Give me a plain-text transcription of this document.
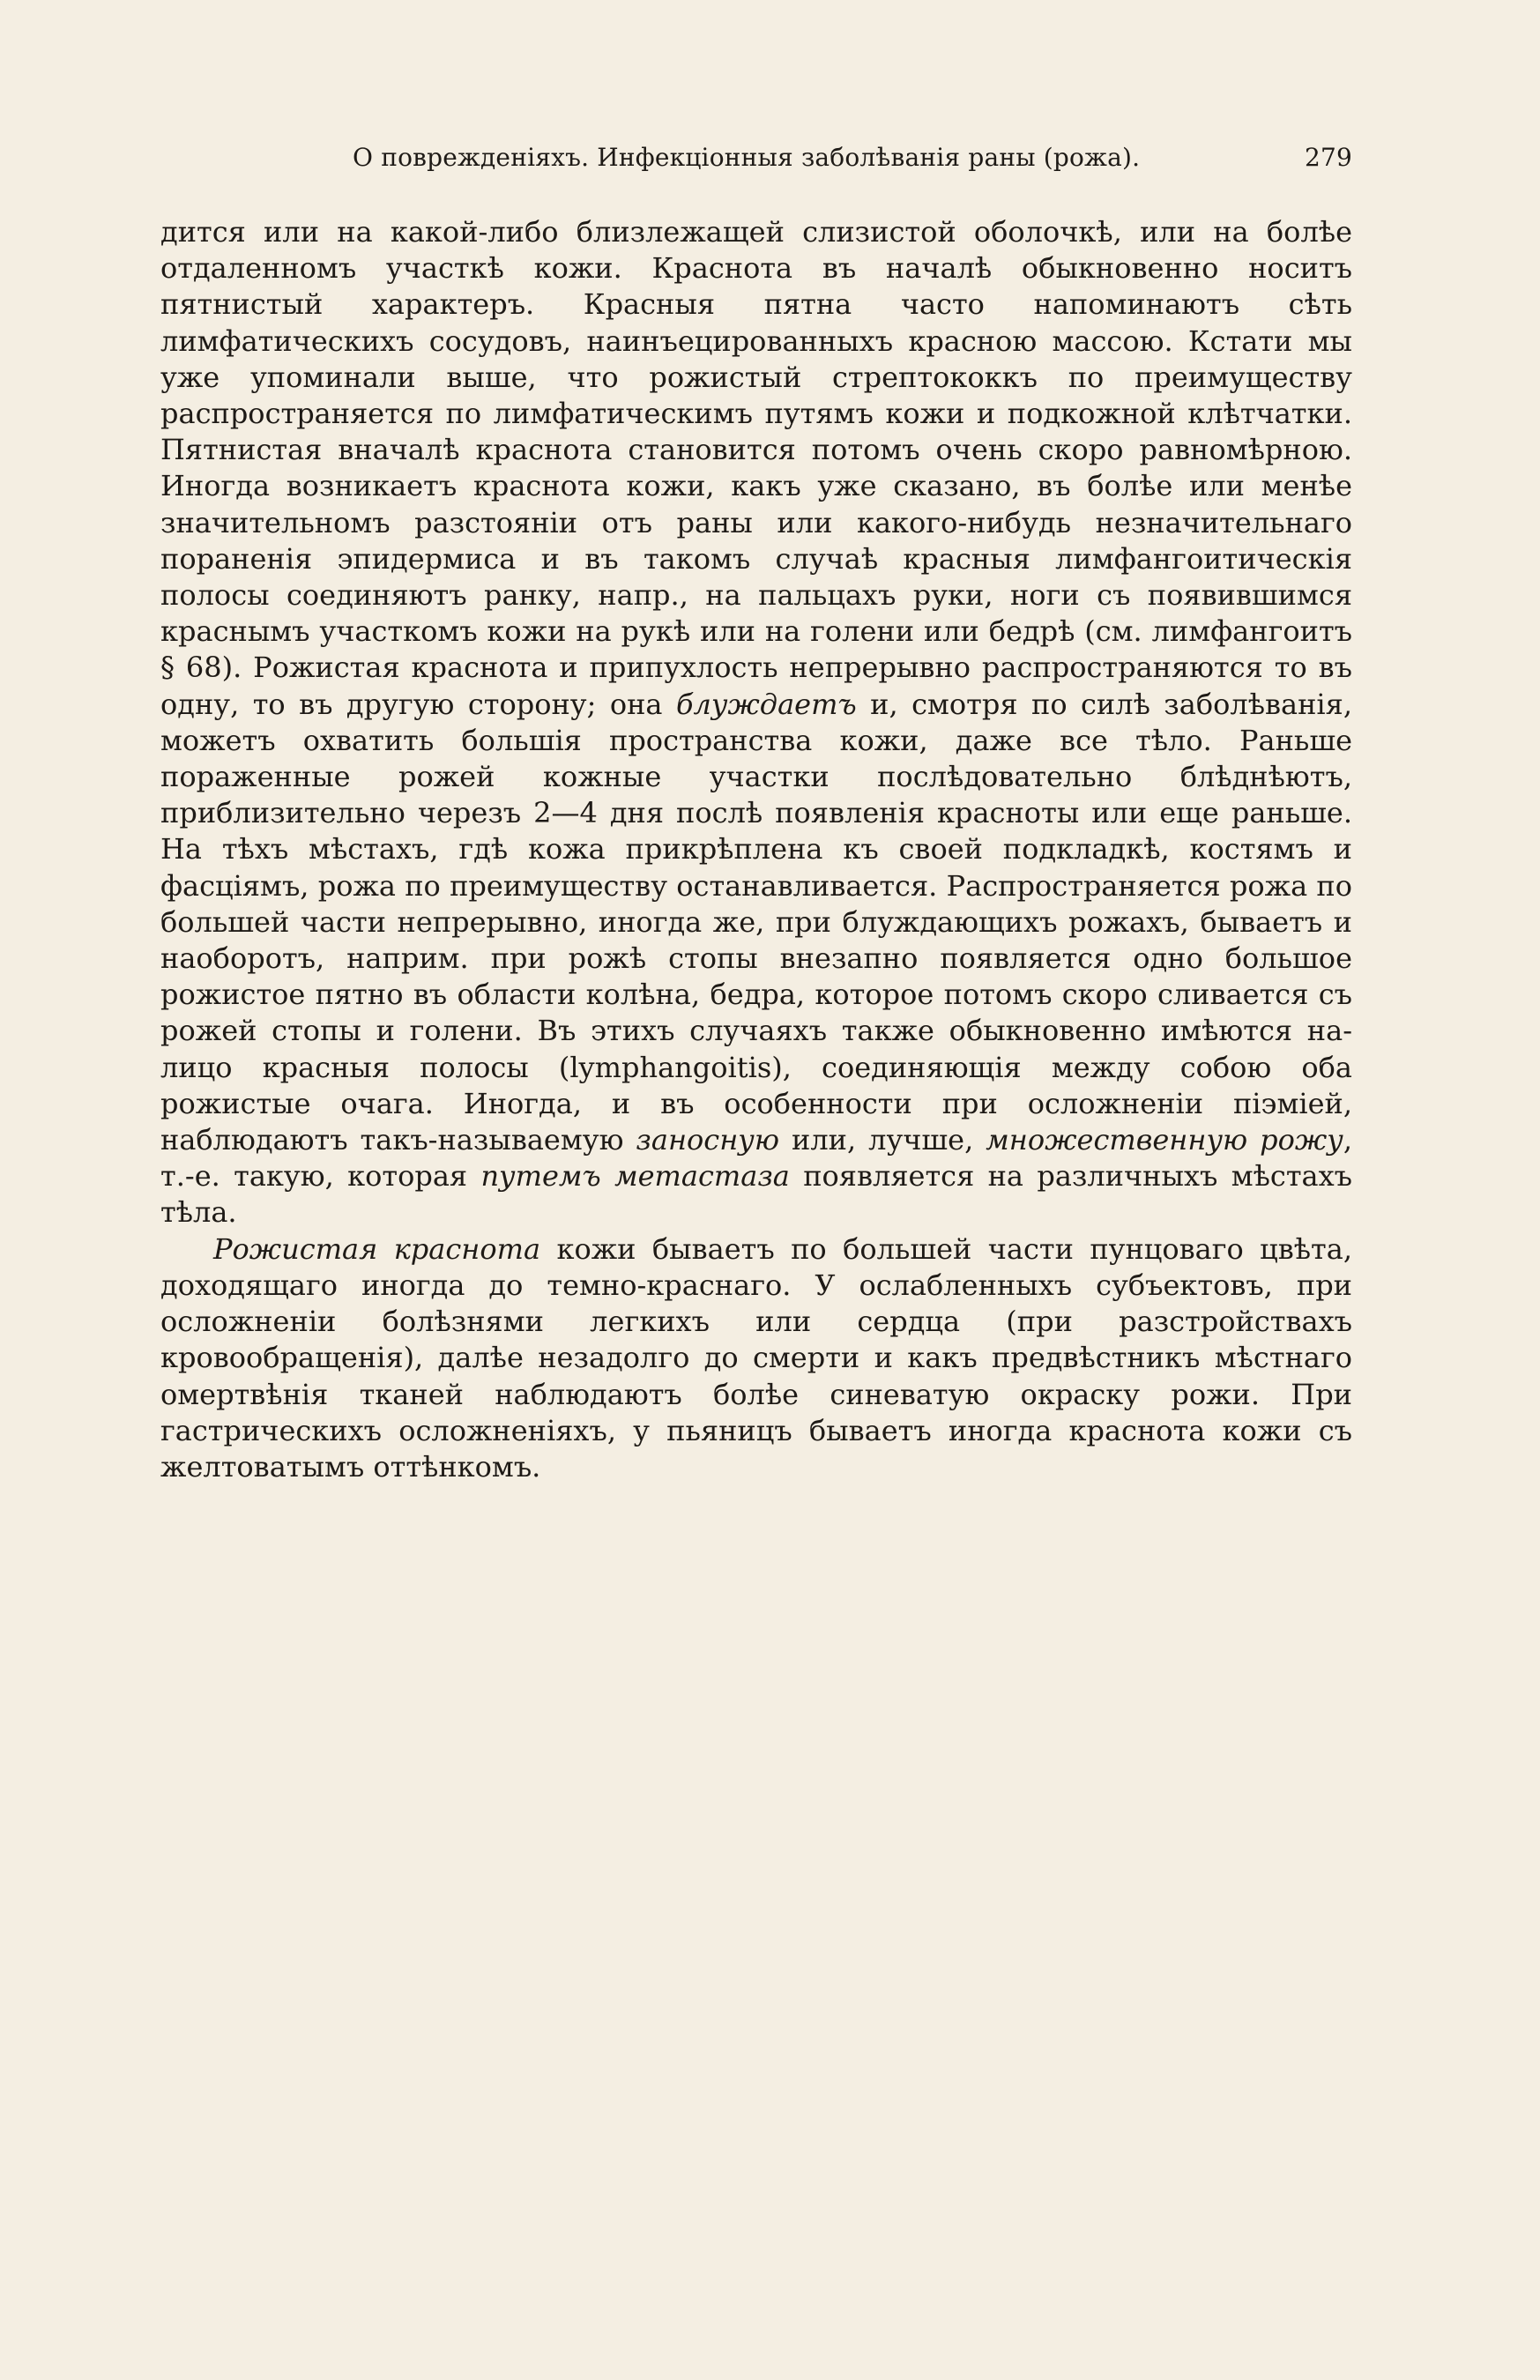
О поврежденіяхъ. Инфекціонныя заболѣванія раны (рожа).	279

дится или на какой-либо близлежащей слизистой оболочкѣ, или на болѣе отдаленномъ участкѣ кожи. Краснота въ началѣ обыкновенно носитъ пятнистый характеръ. Красныя пятна часто напоминаютъ сѣть лимфатическихъ сосудовъ, наинъецированныхъ красною массою. Кстати мы уже упоминали выше, что рожистый стрептококкъ по преимуществу распространяется по лимфатическимъ путямъ кожи и подкожной клѣтчатки. Пятнистая вначалѣ краснота становится потомъ очень скоро равномѣрною. Иногда возникаетъ краснота кожи, какъ уже сказано, въ болѣе или менѣе значительномъ разстояніи отъ раны или какого-нибудь незначительнаго пораненія эпидермиса и въ такомъ случаѣ красныя лимфангоитическія полосы соединяютъ ранку, напр., на пальцахъ руки, ноги съ появившимся краснымъ участкомъ кожи на рукѣ или на голени или бедрѣ (см. лимфангоитъ § 68). Рожистая краснота и припухлость непрерывно распространяются то въ одну, то въ другую сторону; она блуждаетъ и, смотря по силѣ заболѣванія, можетъ охватить большія пространства кожи, даже все тѣло. Раньше пораженные рожей кожные участки послѣдовательно блѣднѣютъ, приблизительно черезъ 2—4 дня послѣ появленія красноты или еще раньше. На тѣхъ мѣстахъ, гдѣ кожа прикрѣплена къ своей подкладкѣ, костямъ и фасціямъ, рожа по преимуществу останавливается. Распространяется рожа по большей части непрерывно, иногда же, при блуждающихъ рожахъ, бываетъ и наоборотъ, наприм. при рожѣ стопы внезапно появляется одно большое рожистое пятно въ области колѣна, бедра, которое потомъ скоро сливается съ рожей стопы и голени. Въ этихъ случаяхъ также обыкновенно имѣются на-лицо красныя полосы (lymphangoitis), соединяющія между собою оба рожистые очага. Иногда, и въ особенности при осложненіи піэміей, наблюдаютъ такъ-называемую заносную или, лучше, множественную рожу, т.-е. такую, которая путемъ метастаза появляется на различныхъ мѣстахъ тѣла.

Рожистая краснота кожи бываетъ по большей части пунцоваго цвѣта, доходящаго иногда до темно-краснаго. У ослабленныхъ субъектовъ, при осложненіи болѣзнями легкихъ или сердца (при разстройствахъ кровообращенія), далѣе незадолго до смерти и какъ предвѣстникъ мѣстнаго омертвѣнія тканей наблюдаютъ болѣе синеватую окраску рожи. При гастрическихъ осложненіяхъ, у пьяницъ бываетъ иногда краснота кожи съ желтоватымъ оттѣнкомъ.
